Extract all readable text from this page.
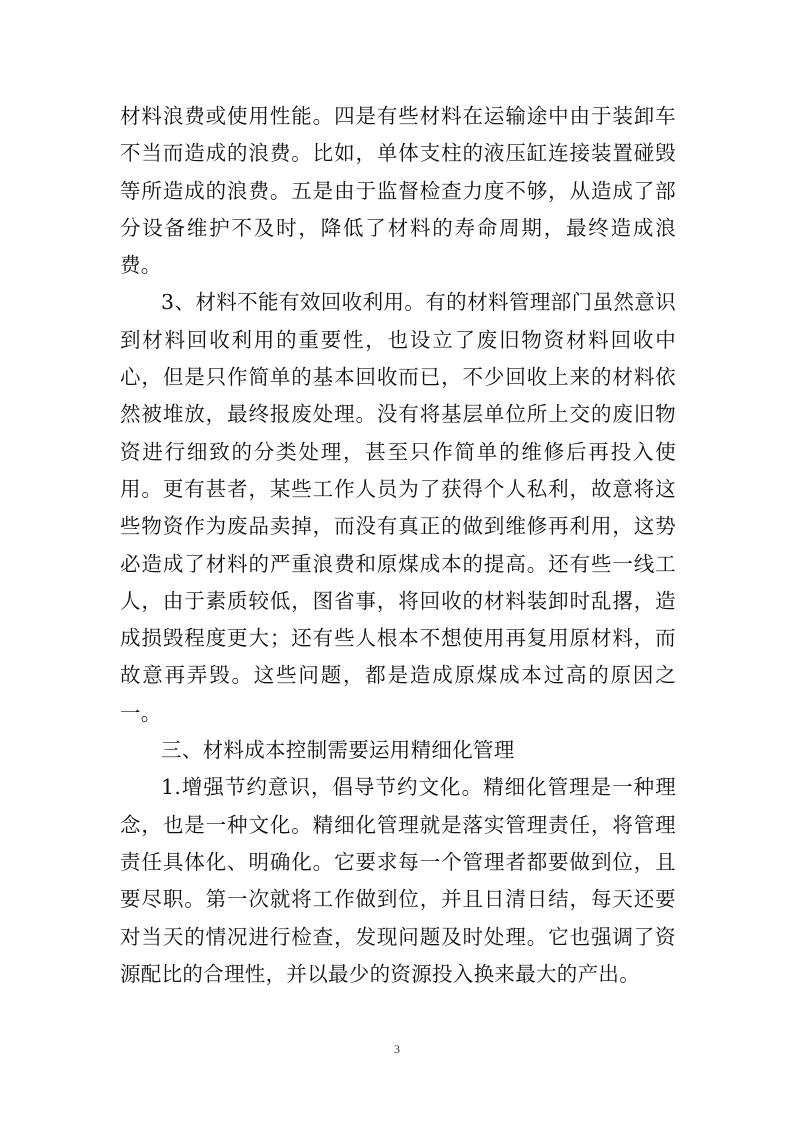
材料浪费或使用性能。四是有些材料在运输途中由于装卸车不当而造成的浪费。比如，单体支柱的液压缸连接装置碰毁等所造成的浪费。五是由于监督检查力度不够，从造成了部分设备维护不及时，降低了材料的寿命周期，最终造成浪费。

3、材料不能有效回收利用。有的材料管理部门虽然意识到材料回收利用的重要性，也设立了废旧物资材料回收中心，但是只作简单的基本回收而已，不少回收上来的材料依然被堆放，最终报废处理。没有将基层单位所上交的废旧物资进行细致的分类处理，甚至只作简单的维修后再投入使用。更有甚者，某些工作人员为了获得个人私利，故意将这些物资作为废品卖掉，而没有真正的做到维修再利用，这势必造成了材料的严重浪费和原煤成本的提高。还有些一线工人，由于素质较低，图省事，将回收的材料装卸时乱撂，造成损毁程度更大；还有些人根本不想使用再复用原材料，而故意再弄毁。这些问题，都是造成原煤成本过高的原因之一。

三、材料成本控制需要运用精细化管理

1.增强节约意识，倡导节约文化。精细化管理是一种理念，也是一种文化。精细化管理就是落实管理责任，将管理责任具体化、明确化。它要求每一个管理者都要做到位，且要尽职。第一次就将工作做到位，并且日清日结，每天还要对当天的情况进行检查，发现问题及时处理。它也强调了资源配比的合理性，并以最少的资源投入换来最大的产出。

3
